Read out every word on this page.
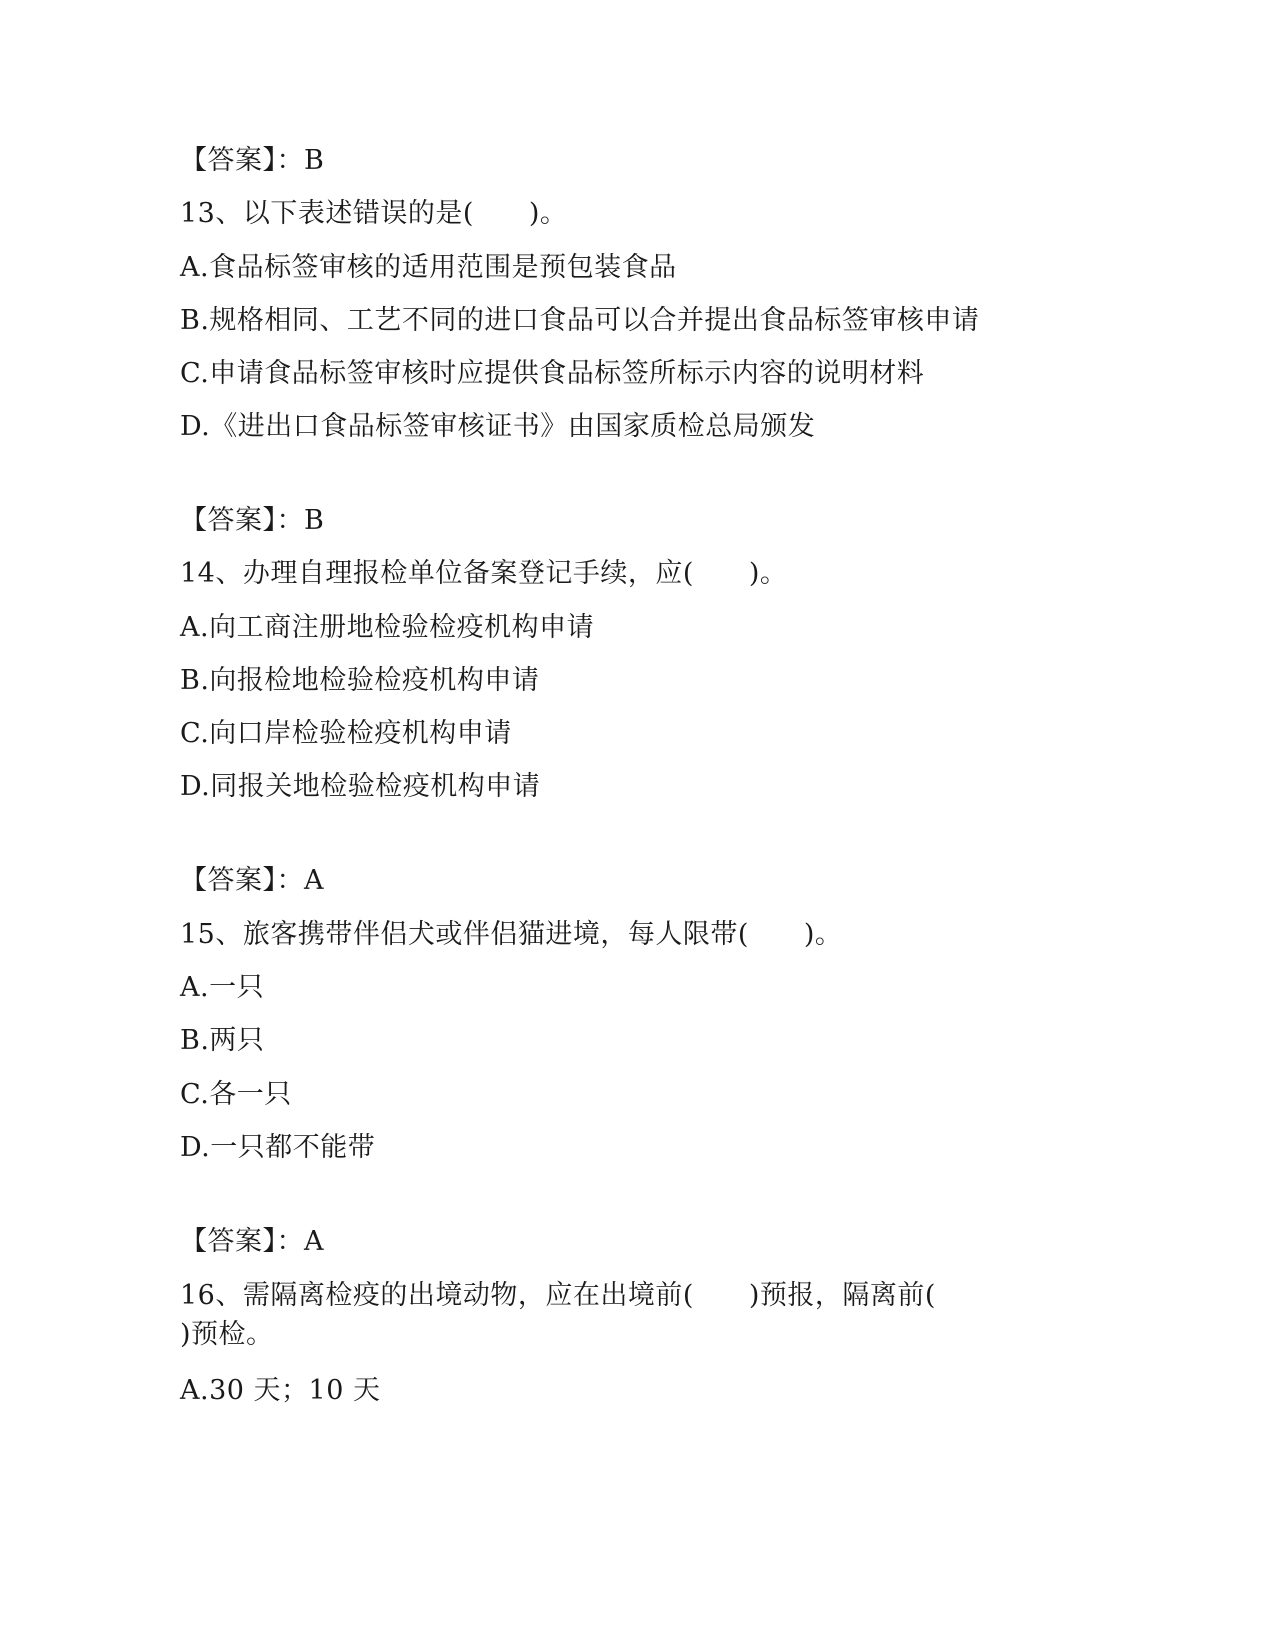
【答案】：B
13、以下表述错误的是(　　)。
A.食品标签审核的适用范围是预包装食品
B.规格相同、工艺不同的进口食品可以合并提出食品标签审核申请
C.申请食品标签审核时应提供食品标签所标示内容的说明材料
D.《进出口食品标签审核证书》由国家质检总局颁发
【答案】：B
14、办理自理报检单位备案登记手续，应(　　)。
A.向工商注册地检验检疫机构申请
B.向报检地检验检疫机构申请
C.向口岸检验检疫机构申请
D.同报关地检验检疫机构申请
【答案】：A
15、旅客携带伴侣犬或伴侣猫进境，每人限带(　　)。
A.一只
B.两只
C.各一只
D.一只都不能带
【答案】：A
16、需隔离检疫的出境动物，应在出境前(　　)预报，隔离前(
)预检。
A.30 天；10 天
